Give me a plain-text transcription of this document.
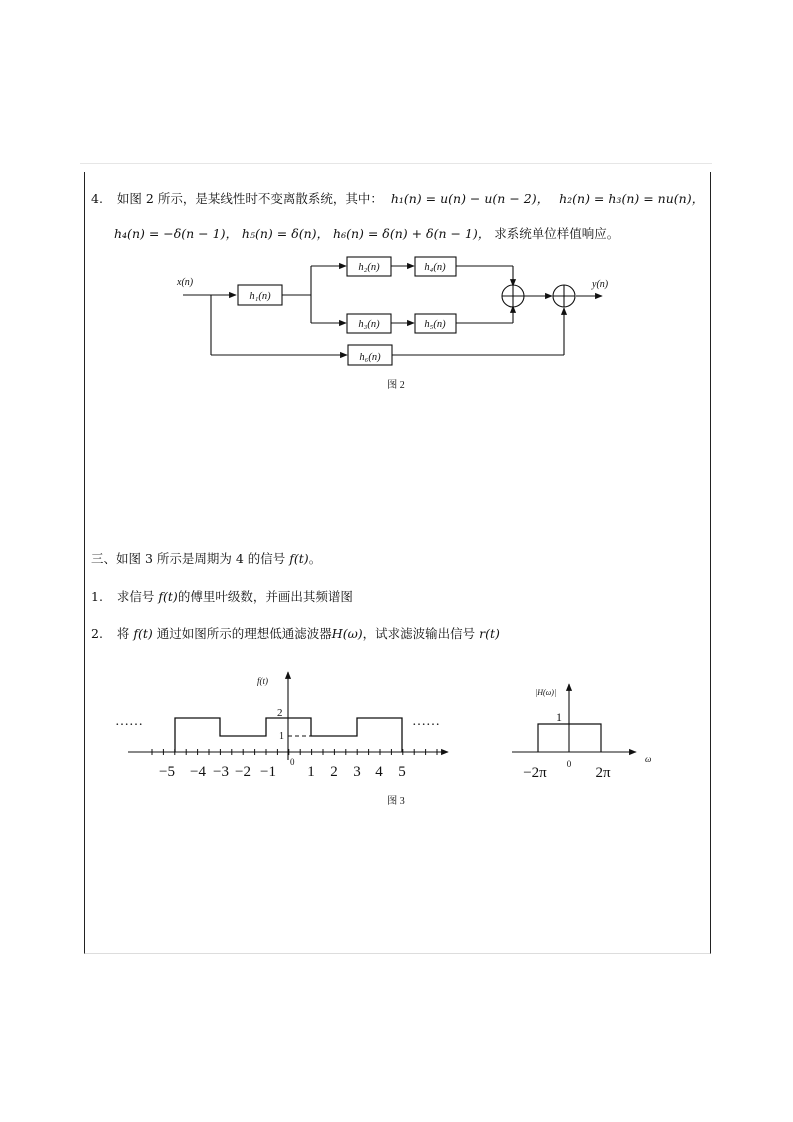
4. 如图 2 所示，是某线性时不变离散系统，其中： h₁(n) = u(n) − u(n − 2)， h₂(n) = h₃(n) = nu(n)，
h₄(n) = −δ(n − 1)， h₅(n) = δ(n)， h₆(n) = δ(n) + δ(n − 1)， 求系统单位样值响应。
x(n)	y(n)
h₁(n)
h₂(n)	h₄(n)
h₃(n)	h₅(n)
h₆(n)
图 2
三、如图 3 所示是周期为 4 的信号 f(t)。
1. 求信号 f(t)的傅里叶级数，并画出其频谱图
2. 将 f(t) 通过如图所示的理想低通滤波器H(ω)，试求滤波输出信号 r(t)
……	……
f(t)
2
1
0
−5 −4 −3 −2 −1 1 2 3 4 5
|H(ω)|
1
−2π
0
2π
ω
图 3
